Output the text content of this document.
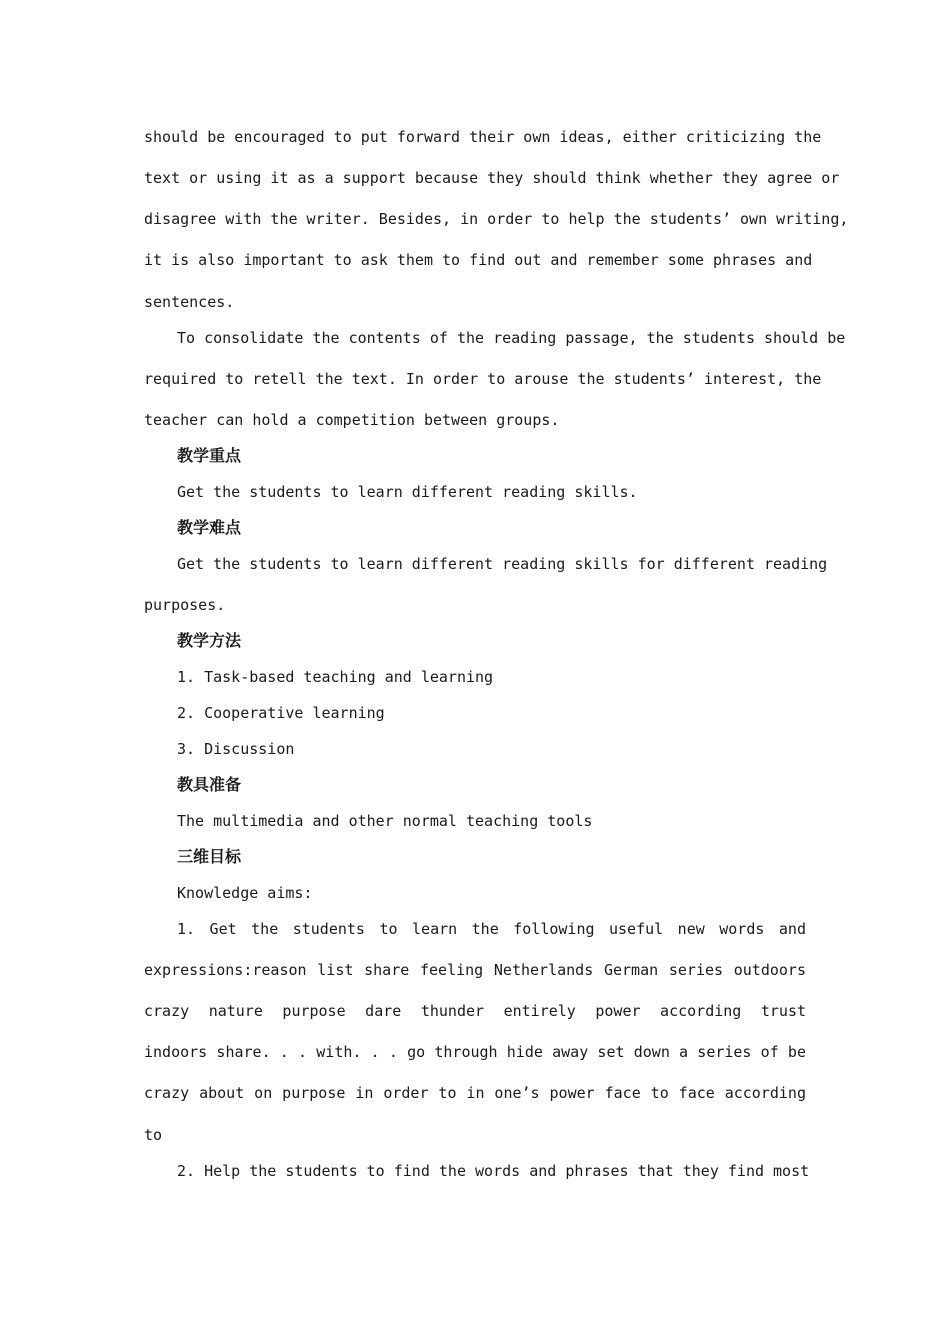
should be encouraged to put forward their own ideas, either criticizing the
text or using it as a support because they should think whether they agree or
disagree with the writer. Besides, in order to help the students’ own writing,
it is also important to ask them to find out and remember some phrases and
sentences.
To consolidate the contents of the reading passage, the students should be
required to retell the text. In order to arouse the students’ interest, the
teacher can hold a competition between groups.
教学重点
Get the students to learn different reading skills.
教学难点
Get the students to learn different reading skills for different reading
purposes.
教学方法
1. Task-based teaching and learning
2. Cooperative learning
3. Discussion
教具准备
The multimedia and other normal teaching tools
三维目标
Knowledge aims:
1. Get the students to learn the following useful new words and
expressions:reason list share feeling Netherlands German series outdoors
crazy nature purpose dare thunder entirely power according trust
indoors share. . . with. . . go through hide away set down a series of be
crazy about on purpose in order to in one’s power face to face according
to
2. Help the students to find the words and phrases that they find most
